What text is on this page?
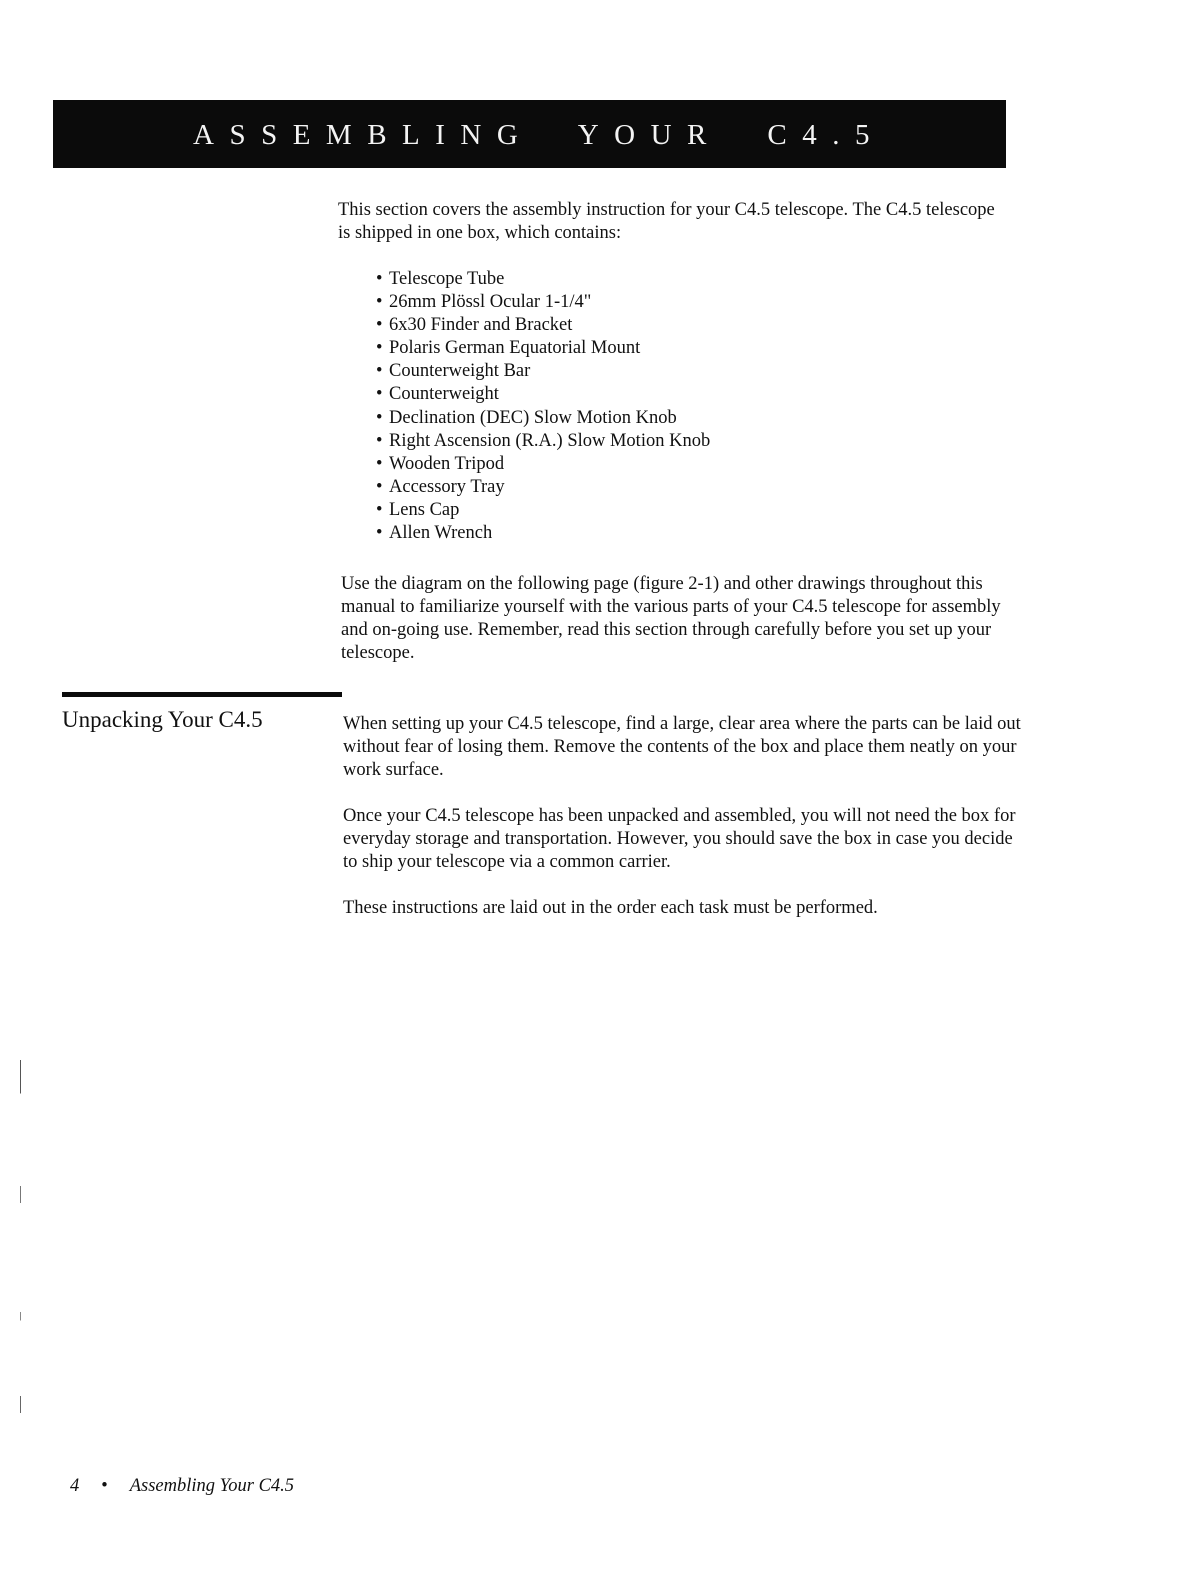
ASSEMBLING  YOUR  C4.5

This section covers the assembly instruction for your C4.5 telescope. The C4.5 telescope is shipped in one box, which contains:

• Telescope Tube
• 26mm Plössl Ocular 1-1/4"
• 6x30 Finder and Bracket
• Polaris German Equatorial Mount
• Counterweight Bar
• Counterweight
• Declination (DEC) Slow Motion Knob
• Right Ascension (R.A.) Slow Motion Knob
• Wooden Tripod
• Accessory Tray
• Lens Cap
• Allen Wrench

Use the diagram on the following page (figure 2-1) and other drawings throughout this manual to familiarize yourself with the various parts of your C4.5 telescope for assembly and on-going use. Remember, read this section through carefully before you set up your telescope.

Unpacking Your C4.5	When setting up your C4.5 telescope, find a large, clear area where the parts can be laid out without fear of losing them. Remove the contents of the box and place them neatly on your work surface.

Once your C4.5 telescope has been unpacked and assembled, you will not need the box for everyday storage and transportation. However, you should save the box in case you decide to ship your telescope via a common carrier.

These instructions are laid out in the order each task must be performed.

4 • Assembling Your C4.5
